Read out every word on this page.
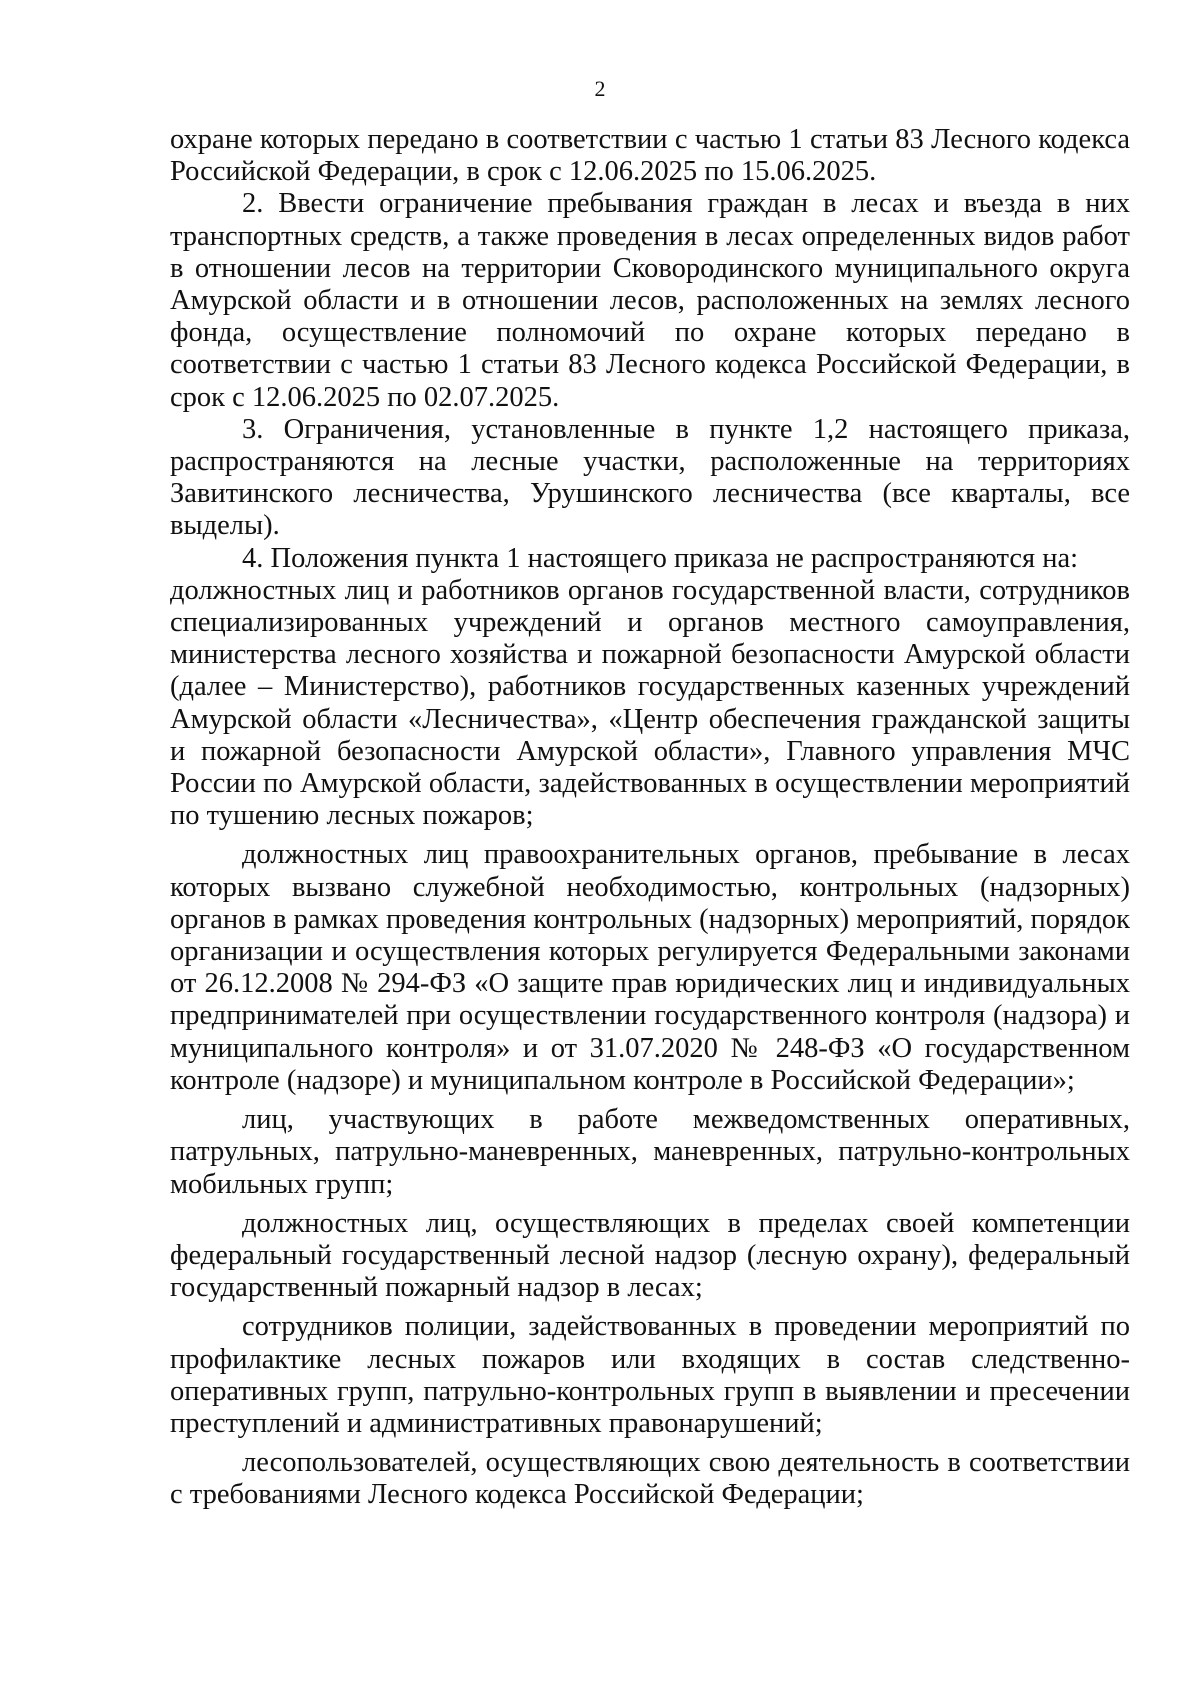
2

охране которых передано в соответствии с частью 1 статьи 83 Лесного кодекса Российской Федерации, в срок с 12.06.2025 по 15.06.2025.

2. Ввести ограничение пребывания граждан в лесах и въезда в них транспортных средств, а также проведения в лесах определенных видов работ в отношении лесов на территории Сковородинского муниципального округа Амурской области и в отношении лесов, расположенных на землях лесного фонда, осуществление полномочий по охране которых передано в соответствии с частью 1 статьи 83 Лесного кодекса Российской Федерации, в срок с 12.06.2025 по 02.07.2025.

3. Ограничения, установленные в пункте 1,2 настоящего приказа, распространяются на лесные участки, расположенные на территориях Завитинского лесничества, Урушинского лесничества (все кварталы, все выделы).

4. Положения пункта 1 настоящего приказа не распространяются на:

должностных лиц и работников органов государственной власти, сотрудников специализированных учреждений и органов местного самоуправления, министерства лесного хозяйства и пожарной безопасности Амурской области (далее – Министерство), работников государственных казенных учреждений Амурской области «Лесничества», «Центр обеспечения гражданской защиты и пожарной безопасности Амурской области», Главного управления МЧС России по Амурской области, задействованных в осуществлении мероприятий по тушению лесных пожаров;

должностных лиц правоохранительных органов, пребывание в лесах которых вызвано служебной необходимостью, контрольных (надзорных) органов в рамках проведения контрольных (надзорных) мероприятий, порядок организации и осуществления которых регулируется Федеральными законами от 26.12.2008 № 294-ФЗ «О защите прав юридических лиц и индивидуальных предпринимателей при осуществлении государственного контроля (надзора) и муниципального контроля» и от 31.07.2020 № 248-ФЗ «О государственном контроле (надзоре) и муниципальном контроле в Российской Федерации»;

лиц, участвующих в работе межведомственных оперативных, патрульных, патрульно-маневренных, маневренных, патрульно-контрольных мобильных групп;

должностных лиц, осуществляющих в пределах своей компетенции федеральный государственный лесной надзор (лесную охрану), федеральный государственный пожарный надзор в лесах;

сотрудников полиции, задействованных в проведении мероприятий по профилактике лесных пожаров или входящих в состав следственно-оперативных групп, патрульно-контрольных групп в выявлении и пресечении преступлений и административных правонарушений;

лесопользователей, осуществляющих свою деятельность в соответствии с требованиями Лесного кодекса Российской Федерации;
